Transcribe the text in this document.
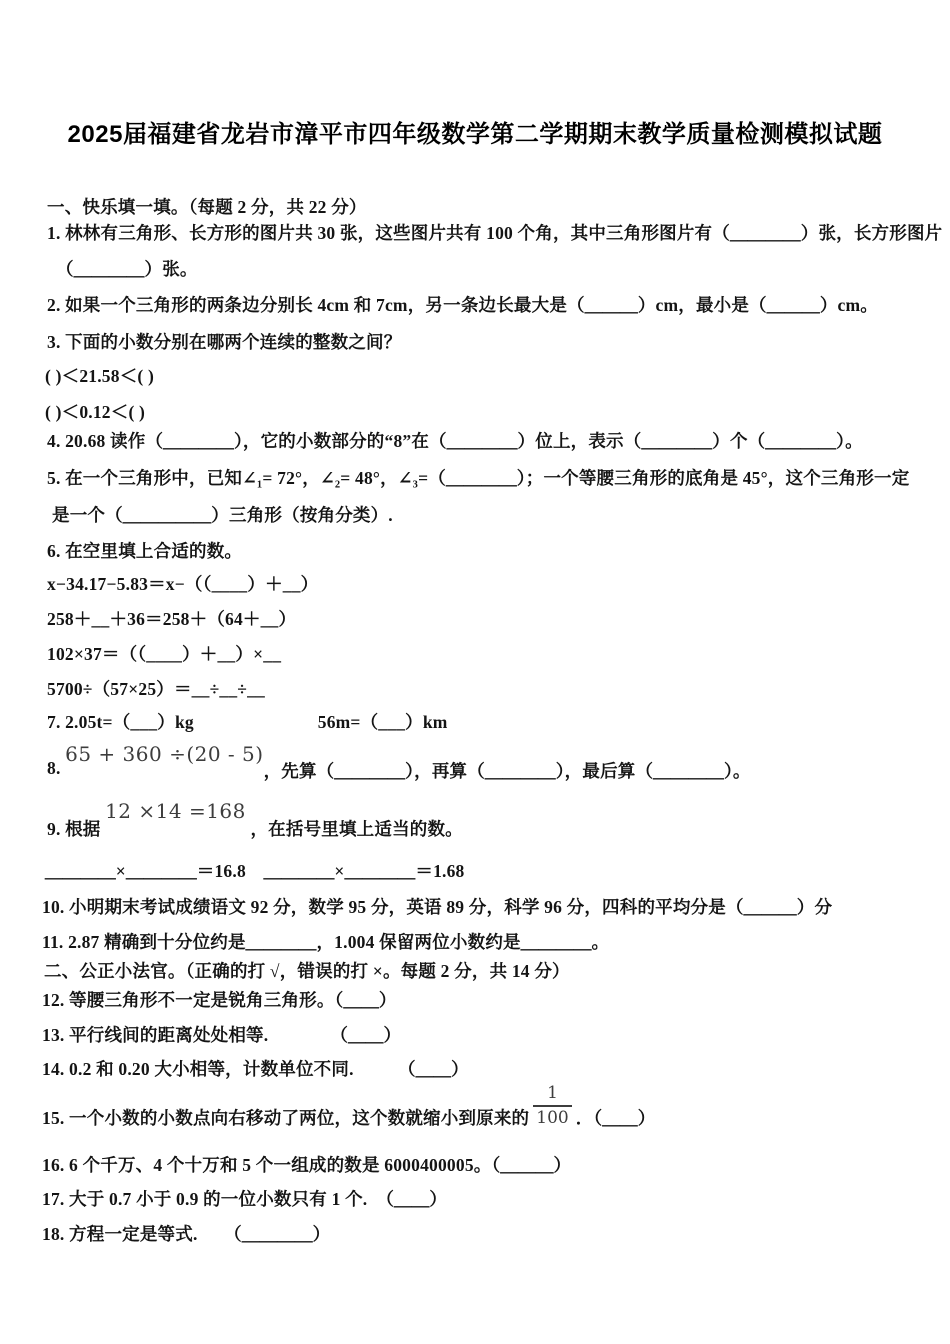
2025届福建省龙岩市漳平市四年级数学第二学期期末教学质量检测模拟试题
一、快乐填一填。（每题 2 分，共 22 分）
1. 林林有三角形、长方形的图片共 30 张，这些图片共有 100 个角，其中三角形图片有（＿＿＿＿）张，长方形图片
（＿＿＿＿）张。
2. 如果一个三角形的两条边分别长 4cm 和 7cm，另一条边长最大是（＿＿＿）cm，最小是（＿＿＿）cm。
3. 下面的小数分别在哪两个连续的整数之间？
( )＜21.58＜( )
( )＜0.12＜( )
4. 20.68 读作（＿＿＿＿），它的小数部分的“8”在（＿＿＿＿）位上，表示（＿＿＿＿）个（＿＿＿＿）。
5. 在一个三角形中，已知∠₁= 72°，∠₂= 48°，∠₃=（＿＿＿＿）；一个等腰三角形的底角是 45°，这个三角形一定
是一个（＿＿＿＿＿）三角形（按角分类）.
6. 在空里填上合适的数。
x−34.17−5.83＝x−（（____）＋__）
258＋__＋36＝258＋（64＋__）
102×37＝（（____）＋__）×__
5700÷（57×25）＝__÷__÷__
7. 2.05t=（___）kg　　　　　　　56m=（___）km
8.
65 + 360 ÷(20 - 5)
，先算（＿＿＿＿），再算（＿＿＿＿），最后算（＿＿＿＿）。
9. 根据
12 ×14 =168
，在括号里填上适当的数。
＿＿＿＿×＿＿＿＿＝16.8　＿＿＿＿×＿＿＿＿＝1.68
10. 小明期末考试成绩语文 92 分，数学 95 分，英语 89 分，科学 96 分，四科的平均分是（＿＿＿）分
11. 2.87 精确到十分位约是＿＿＿＿，1.004 保留两位小数约是＿＿＿＿。
二、公正小法官。（正确的打 √，错误的打 ×。每题 2 分，共 14 分）
12. 等腰三角形不一定是锐角三角形。（＿＿）
13. 平行线间的距离处处相等.　　　　（＿＿）
14. 0.2 和 0.20 大小相等，计数单位不同.　　　（＿＿）
15. 一个小数的小数点向右移动了两位，这个数就缩小到原来的 $\frac{1}{100}$ ．（＿＿）
16. 6 个千万、4 个十万和 5 个一组成的数是 6000400005。（＿＿＿）
17. 大于 0.7 小于 0.9 的一位小数只有 1 个.　（＿＿）
18. 方程一定是等式.　　（＿＿＿＿）
